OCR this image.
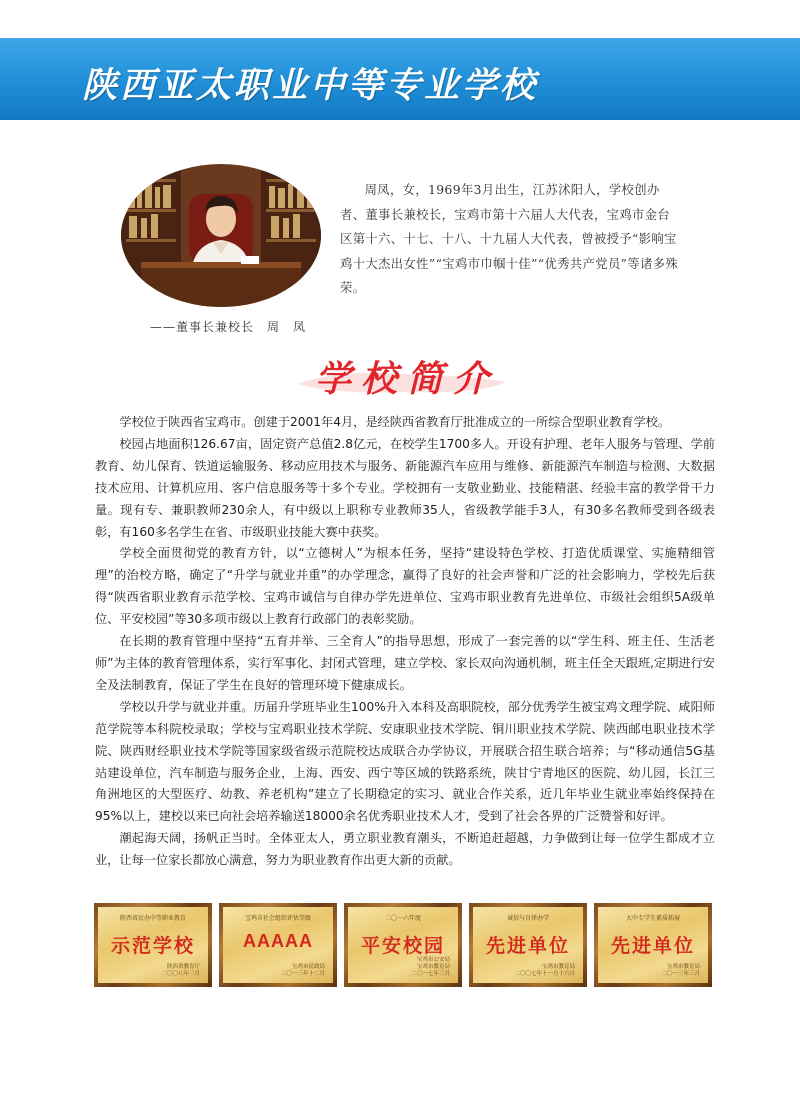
陕西亚太职业中等专业学校
——董事长兼校长　周　凤
周凤，女，1969年3月出生，江苏沭阳人，学校创办者、董事长兼校长，宝鸡市第十六届人大代表，宝鸡市金台区第十六、十七、十八、十九届人大代表，曾被授予“影响宝鸡十大杰出女性”“宝鸡市巾帼十佳”“优秀共产党员”等诸多殊荣。
学校简介

学校位于陕西省宝鸡市。创建于2001年4月，是经陕西省教育厅批准成立的一所综合型职业教育学校。

校园占地面积126.67亩，固定资产总值2.8亿元，在校学生1700多人。开设有护理、老年人服务与管理、学前教育、幼儿保育、铁道运输服务、移动应用技术与服务、新能源汽车应用与维修、新能源汽车制造与检测、大数据技术应用、计算机应用、客户信息服务等十多个专业。学校拥有一支敬业勤业、技能精湛、经验丰富的教学骨干力量。现有专、兼职教师230余人，有中级以上职称专业教师35人，省级教学能手3人，有30多名教师受到各级表彰，有160多名学生在省、市级职业技能大赛中获奖。

学校全面贯彻党的教育方针，以“立德树人”为根本任务，坚持“建设特色学校、打造优质课堂、实施精细管理”的治校方略，确定了“升学与就业并重”的办学理念，赢得了良好的社会声誉和广泛的社会影响力，学校先后获得“陕西省职业教育示范学校、宝鸡市诚信与自律办学先进单位、宝鸡市职业教育先进单位、市级社会组织5A级单位、平安校园”等30多项市级以上教育行政部门的表彰奖励。

在长期的教育管理中坚持“五育并举、三全育人”的指导思想，形成了一套完善的以“学生科、班主任、生活老师”为主体的教育管理体系，实行军事化、封闭式管理，建立学校、家长双向沟通机制，班主任全天跟班,定期进行安全及法制教育，保证了学生在良好的管理环境下健康成长。

学校以升学与就业并重。历届升学班毕业生100%升入本科及高职院校，部分优秀学生被宝鸡文理学院、咸阳师范学院等本科院校录取；学校与宝鸡职业技术学院、安康职业技术学院、铜川职业技术学院、陕西邮电职业技术学院、陕西财经职业技术学院等国家级省级示范院校达成联合办学协议，开展联合招生联合培养；与“移动通信5G基站建设单位，汽车制造与服务企业，上海、西安、西宁等区域的铁路系统，陕甘宁青地区的医院、幼儿园，长江三角洲地区的大型医疗、幼教、养老机构”建立了长期稳定的实习、就业合作关系，近几年毕业生就业率始终保持在95%以上，建校以来已向社会培养输送18000余名优秀职业技术人才，受到了社会各界的广泛赞誉和好评。

潮起海天阔，扬帆正当时。全体亚太人，勇立职业教育潮头，不断追赶超越，力争做到让每一位学生都成才立业，让每一位家长都放心满意，努力为职业教育作出更大新的贡献。

陕西省民办中等职业教育
示范学校
陕西省教育厅
二〇〇八年三月
宝鸡市社会组织评估等级
AAAAA
宝鸡市民政局
二〇一三年十二月
二〇一六年度
平安校园
宝鸡市公安局
宝鸡市教育局
二〇一七年三月
诚信与自律办学
先进单位
宝鸡市教育局
二〇〇七年十一月十六日
大中专学生素质拓展
先进单位
宝鸡市教育局
二〇一三年三月
